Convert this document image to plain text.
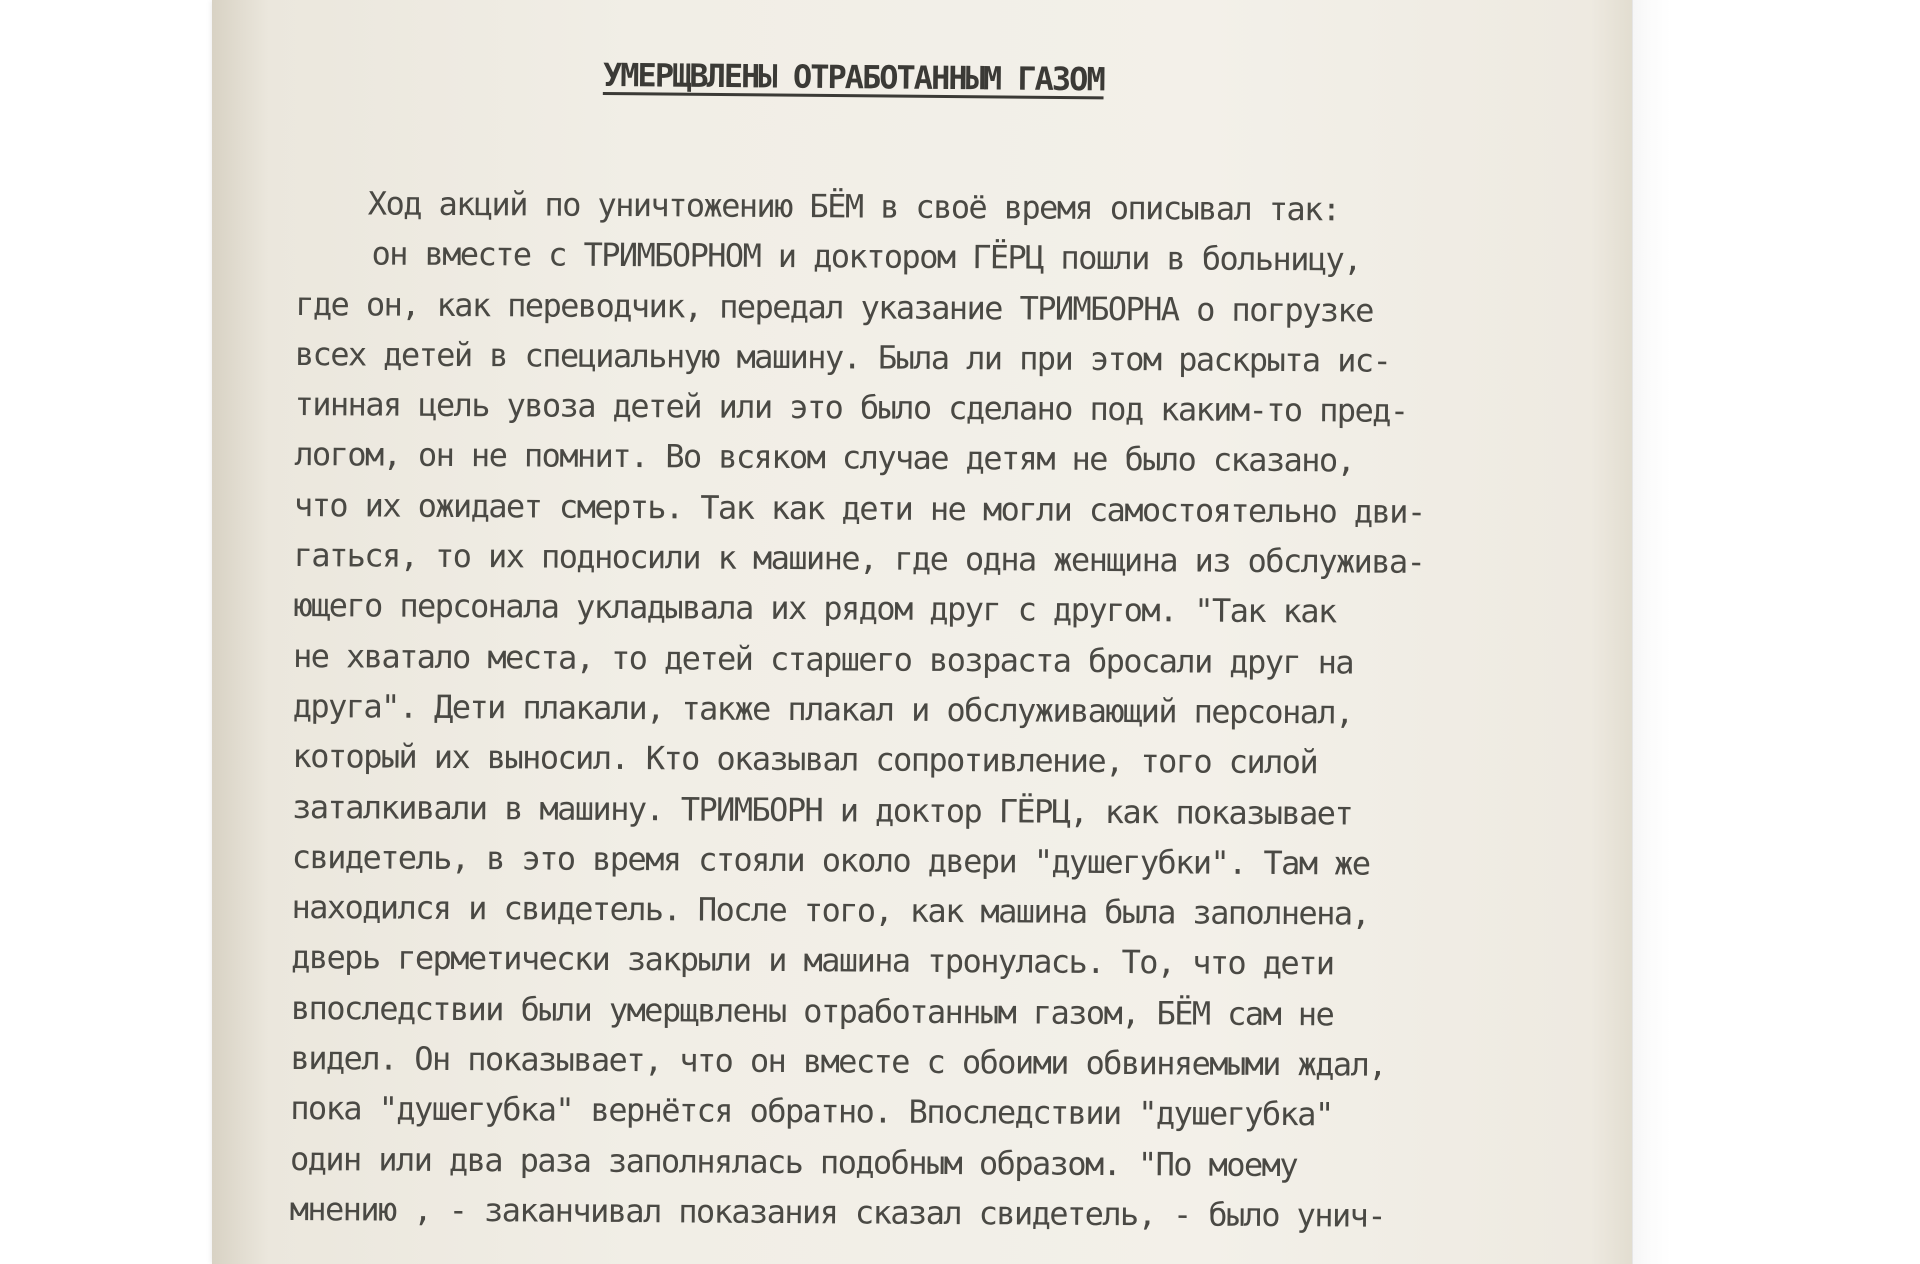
УМЕРЩВЛЕНЫ ОТРАБОТАННЫМ ГАЗОМ
Ход акций по уничтожению БЁМ в своё время описывал так:
он вместе с ТРИМБОРНОМ и доктором ГЁРЦ пошли в больницу,
где он, как переводчик, передал указание ТРИМБОРНА о погрузке
всех детей в специальную машину. Была ли при этом раскрыта ис-
тинная цель увоза детей или это было сделано под каким-то пред-
логом, он не помнит. Во всяком случае детям не было сказано,
что их ожидает смерть. Так как дети не могли самостоятельно дви-
гаться, то их подносили к машине, где одна женщина из обслужива-
ющего персонала укладывала их рядом друг с другом. "Так как
не хватало места, то детей старшего возраста бросали друг на
друга". Дети плакали, также плакал и обслуживающий персонал,
который их выносил. Кто оказывал сопротивление, того силой
заталкивали в машину. ТРИМБОРН и доктор ГЁРЦ, как показывает
свидетель, в это время стояли около двери "душегубки". Там же
находился и свидетель. После того, как машина была заполнена,
дверь герметически закрыли и машина тронулась. То, что дети
впоследствии были умерщвлены отработанным газом, БЁМ сам не
видел. Он показывает, что он вместе с обоими обвиняемыми ждал,
пока "душегубка" вернётся обратно. Впоследствии "душегубка"
один или два раза заполнялась подобным образом. "По моему
мнению , - заканчивал показания сказал свидетель, - было унич-
